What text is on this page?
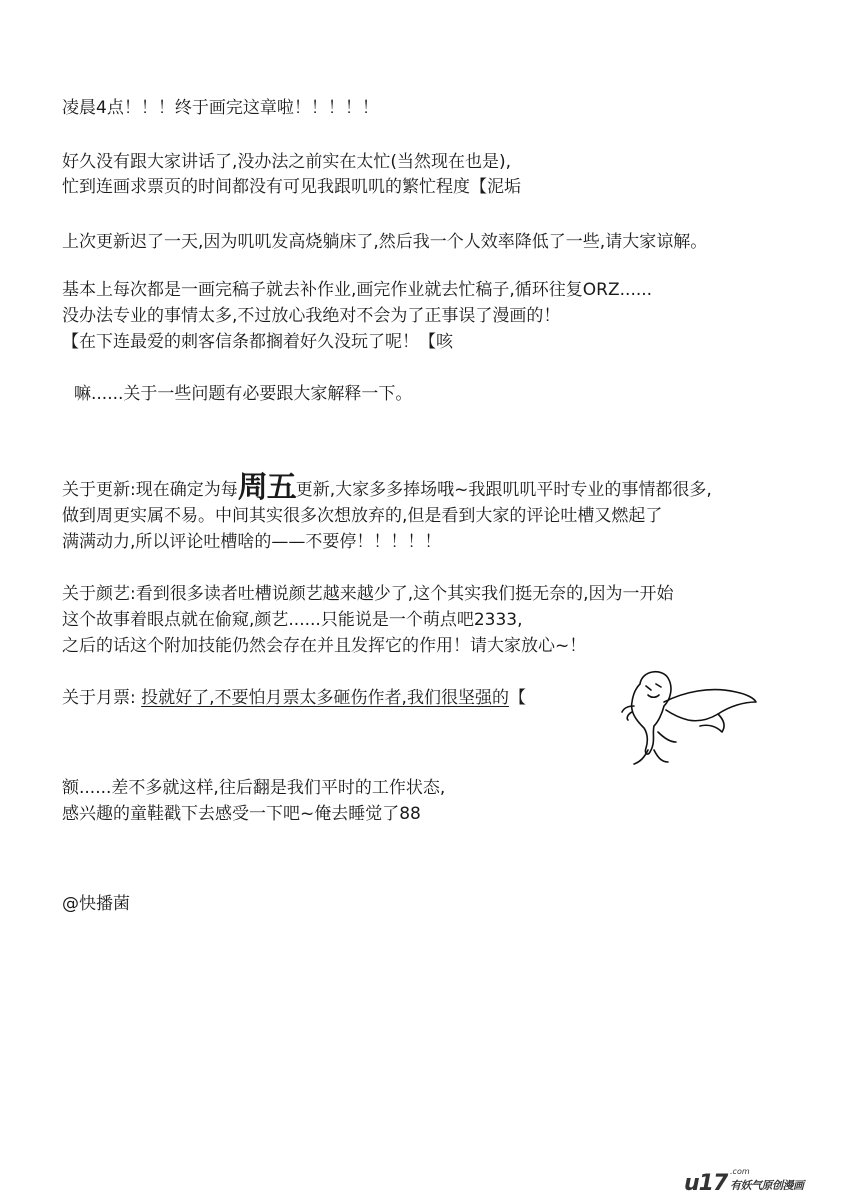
凌晨4点！！！终于画完这章啦！！！！！
好久没有跟大家讲话了,没办法之前实在太忙(当然现在也是),
忙到连画求票页的时间都没有可见我跟叽叽的繁忙程度【泥垢
上次更新迟了一天,因为叽叽发高烧躺床了,然后我一个人效率降低了一些,请大家谅解。
基本上每次都是一画完稿子就去补作业,画完作业就去忙稿子,循环往复ORZ......
没办法专业的事情太多,不过放心我绝对不会为了正事误了漫画的！
【在下连最爱的刺客信条都搁着好久没玩了呢！【咳
嘛......关于一些问题有必要跟大家解释一下。
关于更新:现在确定为每周五更新,大家多多捧场哦~我跟叽叽平时专业的事情都很多,
做到周更实属不易。中间其实很多次想放弃的,但是看到大家的评论吐槽又燃起了
满满动力,所以评论吐槽啥的——不要停！！！！！
关于颜艺:看到很多读者吐槽说颜艺越来越少了,这个其实我们挺无奈的,因为一开始
这个故事着眼点就在偷窥,颜艺......只能说是一个萌点吧2333,
之后的话这个附加技能仍然会存在并且发挥它的作用！请大家放心~！
关于月票: 投就好了,不要怕月票太多砸伤作者,我们很坚强的【
额......差不多就这样,往后翻是我们平时的工作状态,
感兴趣的童鞋戳下去感受一下吧~俺去睡觉了88
@快播菌
u17 .com
有妖气原创漫画
